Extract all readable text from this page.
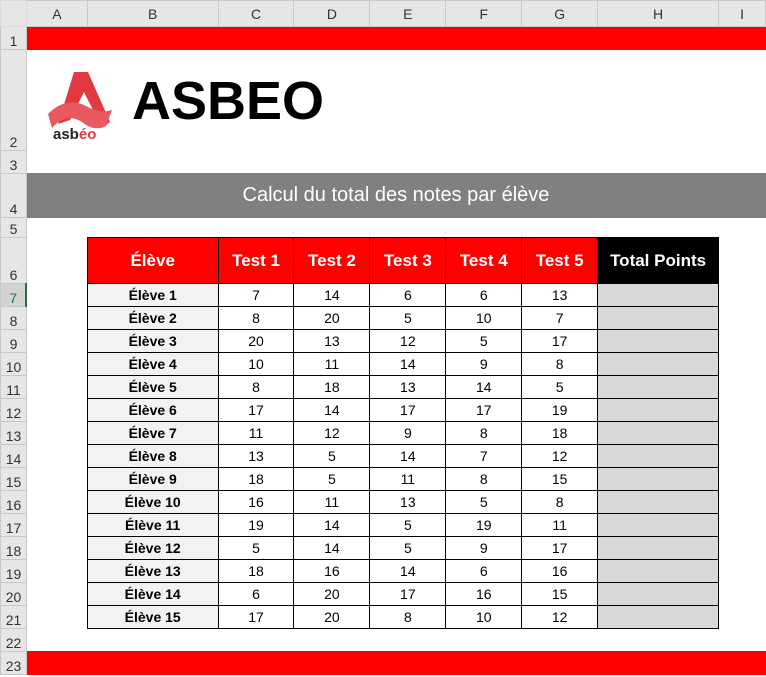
	A	B	C	D	E	F	G	H	I
1									
2									
3									
4	Calcul du total des notes par élève								
5									
6		Élève	Test 1	Test 2	Test 3	Test 4	Test 5	Total Points	
7		Élève 1	7	14	6	6	13		
8		Élève 2	8	20	5	10	7		
9		Élève 3	20	13	12	5	17		
10		Élève 4	10	11	14	9	8		
11		Élève 5	8	18	13	14	5		
12		Élève 6	17	14	17	17	19		
13		Élève 7	11	12	9	8	18		
14		Élève 8	13	5	14	7	12		
15		Élève 9	18	5	11	8	15		
16		Élève 10	16	11	13	5	8		
17		Élève 11	19	14	5	19	11		
18		Élève 12	5	14	5	9	17		
19		Élève 13	18	16	14	6	16		
20		Élève 14	6	20	17	16	15		
21		Élève 15	17	20	8	10	12		
22									
23									
asbéo
ASBEO
